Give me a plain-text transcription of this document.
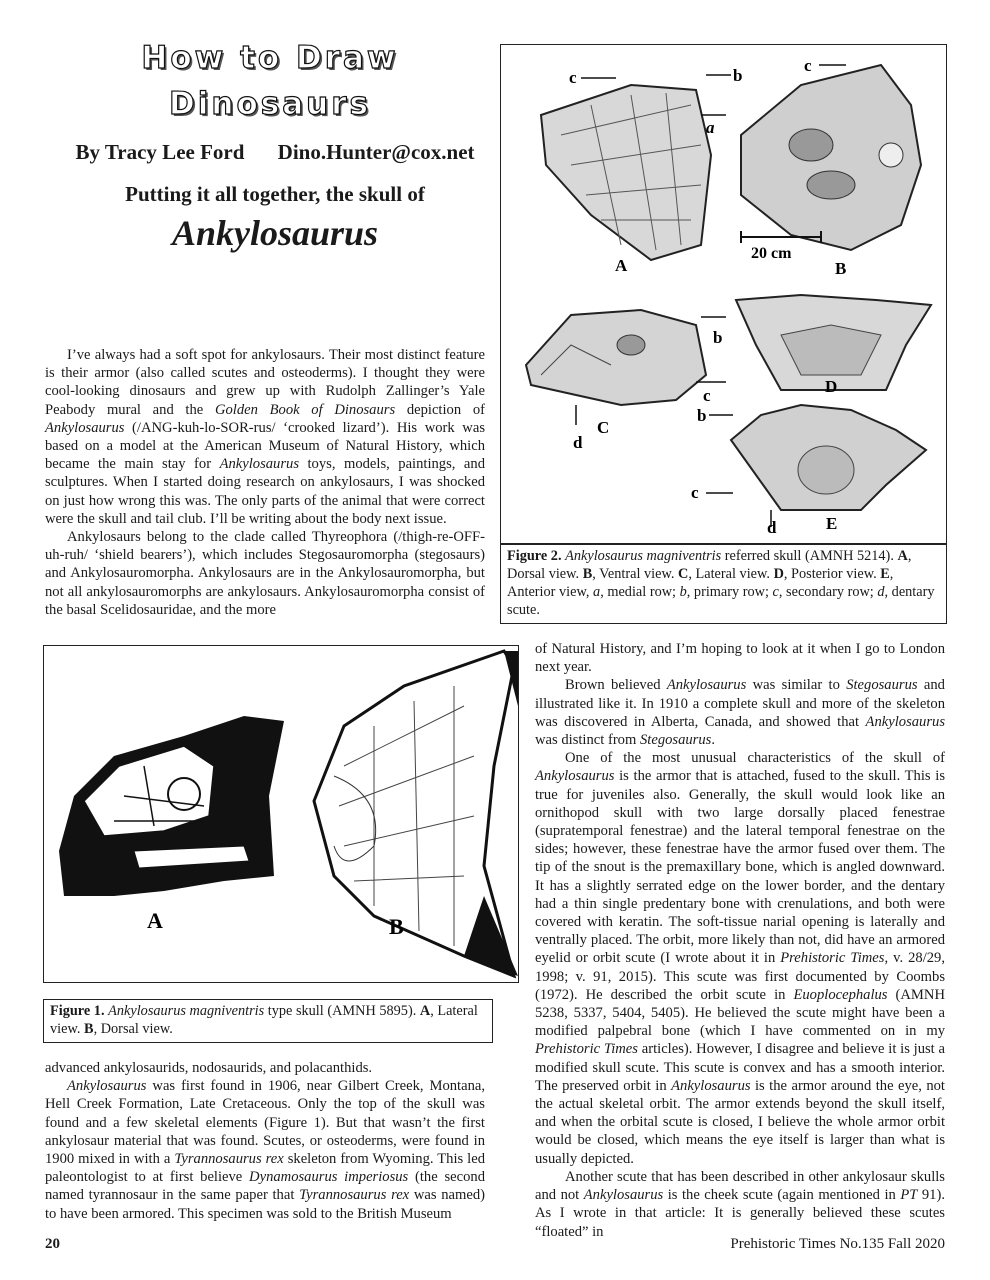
How to Draw
Dinosaurs
By Tracy Lee Ford Dino.Hunter@cox.net
Putting it all together, the skull of
Ankylosaurus
c	b
a
c
20 cm
A	B
b
c
C
d
D
b
c
d	E
Figure 2. Ankylosaurus magniventris referred skull (AMNH 5214). A, Dorsal view. B, Ventral view. C, Lateral view. D, Posterior view. E, Anterior view, a, medial row; b, primary row; c, secondary row; d, dentary scute.

I’ve always had a soft spot for ankylosaurs. Their most distinct feature is their armor (also called scutes and osteoderms). I thought they were cool-looking dinosaurs and grew up with Rudolph Zallinger’s Yale Peabody mural and the Golden Book of Dinosaurs depiction of Ankylosaurus (/ANG-kuh-lo-SOR-rus/ ‘crooked lizard’). His work was based on a model at the American Museum of Natural History, which became the main stay for Ankylosaurus toys, models, paintings, and sculptures. When I started doing research on ankylosaurs, I was shocked on just how wrong this was. The only parts of the animal that were correct were the skull and tail club. I’ll be writing about the body next issue.

Ankylosaurs belong to the clade called Thyreophora (/thigh-re-OFF-uh-ruh/ ‘shield bearers’), which includes Stegosauromorpha (stegosaurs) and Ankylosauromorpha. Ankylosaurs are in the Ankylosauromorpha, but not all ankylosauromorphs are ankylosaurs. Ankylosauromorpha consist of the basal Scelidosauridae, and the more

A	B
Figure 1. Ankylosaurus magniventris type skull (AMNH 5895). A, Lateral view. B, Dorsal view.

advanced ankylosaurids, nodosaurids, and polacanthids.

Ankylosaurus was first found in 1906, near Gilbert Creek, Montana, Hell Creek Formation, Late Cretaceous. Only the top of the skull was found and a few skeletal elements (Figure 1). But that wasn’t the first ankylosaur material that was found. Scutes, or osteoderms, were found in 1900 mixed in with a Tyrannosaurus rex skeleton from Wyoming. This led paleontologist to at first believe Dynamosaurus imperiosus (the second named tyrannosaur in the same paper that Tyrannosaurus rex was named) to have been armored. This specimen was sold to the British Museum

of Natural History, and I’m hoping to look at it when I go to London next year.

Brown believed Ankylosaurus was similar to Stegosaurus and illustrated like it. In 1910 a complete skull and more of the skeleton was discovered in Alberta, Canada, and showed that Ankylosaurus was distinct from Stegosaurus.

One of the most unusual characteristics of the skull of Ankylosaurus is the armor that is attached, fused to the skull. This is true for juveniles also. Generally, the skull would look like an ornithopod skull with two large dorsally placed fenestrae (supratemporal fenestrae) and the lateral temporal fenestrae on the sides; however, these fenestrae have the armor fused over them. The tip of the snout is the premaxillary bone, which is angled downward. It has a slightly serrated edge on the lower border, and the dentary had a thin single predentary bone with crenulations, and both were covered with keratin. The soft-tissue narial opening is laterally and ventrally placed. The orbit, more likely than not, did have an armored eyelid or orbit scute (I wrote about it in Prehistoric Times, v. 28/29, 1998; v. 91, 2015). This scute was first documented by Coombs (1972). He described the orbit scute in Euoplocephalus (AMNH 5238, 5337, 5404, 5405). He believed the scute might have been a modified palpebral bone (which I have commented on in my Prehistoric Times articles). However, I disagree and believe it is just a modified skull scute. This scute is convex and has a smooth interior. The preserved orbit in Ankylosaurus is the armor around the eye, not the actual skeletal orbit. The armor extends beyond the skull itself, and when the orbital scute is closed, I believe the whole armor orbit would be closed, which means the eye itself is larger than what is usually depicted.

Another scute that has been described in other ankylosaur skulls and not Ankylosaurus is the cheek scute (again mentioned in PT 91). As I wrote in that article: It is generally believed these scutes “floated” in

20	Prehistoric Times No.135 Fall 2020
